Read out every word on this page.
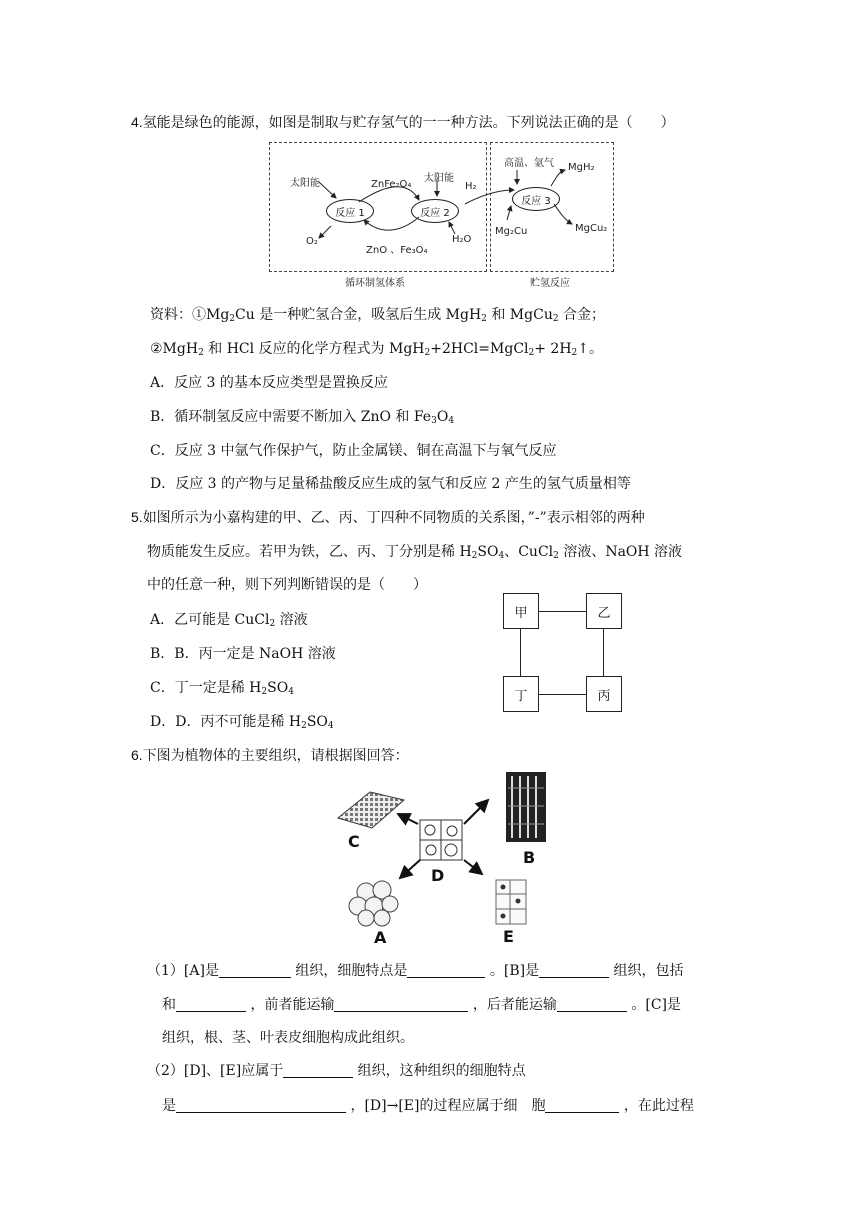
4.氢能是绿色的能源，如图是制取与贮存氢气的一一种方法。下列说法正确的是（　　）
循环制氢体系	贮氢反应
太阳能	太阳能
ZnFe₂O₄
反应 1	反应 2
反应 3
O₂	H₂O
ZnO 、Fe₃O₄
H₂
高温、氩气 MgH₂
Mg₂Cu	MgCu₂
资料：$①Mg_2Cu$ 是一种贮氢合金，吸氢后生成 MgH$_2$ 和 MgCu$_2$ 合金；
②MgH$_2$ 和 HCl 反应的化学方程式为 MgH$_2$+2HCl=MgCl$_2$+ $2H_2↑$。
A．反应 3 的基本反应类型是置换反应
B．循环制氢反应中需要不断加入 ZnO 和 $Fe_3O_4$
C．反应 3 中氩气作保护气，防止金属镁、铜在高温下与氧气反应
D．反应 3 的产物与足量稀盐酸反应生成的氢气和反应 2 产生的氢气质量相等
5.如图所示为小嘉构建的甲、乙、丙、丁四种不同物质的关系图，”-”表示相邻的两种
物质能发生反应。若甲为铁，乙、丙、丁分别是稀 $H_2SO_4$、CuCl$_2$ 溶液、NaOH 溶液
中的任意一种，则下列判断错误的是（　　）
A．乙可能是 CuCl$_2$ 溶液
B．B．丙一定是 NaOH 溶液
C．丁一定是稀 $H_2SO_4$
D．D．丙不可能是稀 $H_2SO_4$
甲	乙
丁	丙
6.下图为植物体的主要组织，请根据图回答：
C
B
D
A	E
（1）[A]是	组织，细胞特点是	。[B]是	组织，包括
和	，前者能运输	，后者能运输	。[C]是
组织，根、茎、叶表皮细胞构成此组织。
（2）[D]、[E]应属于	组织，这种组织的细胞特点
是	，[D]→[E]的过程应属于细　胞	，在此过程
